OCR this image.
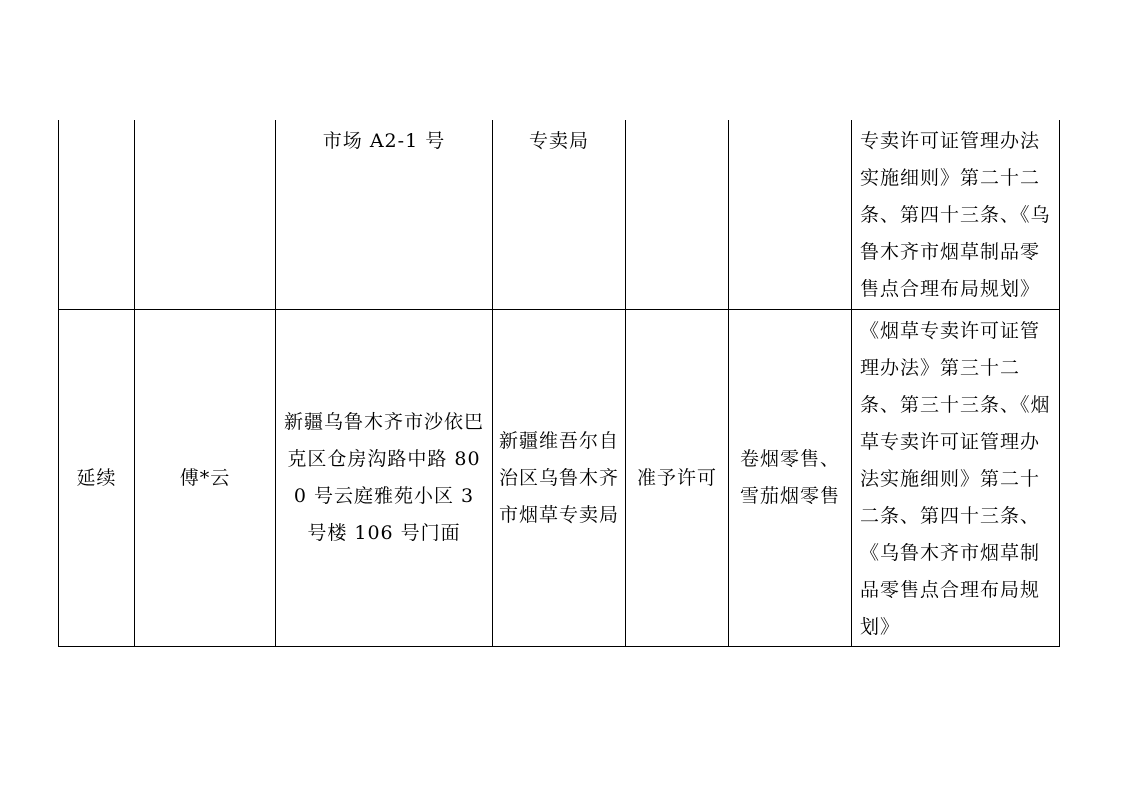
		市场 A2-1 号	专卖局			专卖许可证管理办法实施细则》第二十二条、第四十三条、《乌鲁木齐市烟草制品零售点合理布局规划》
延续	傅*云	新疆乌鲁木齐市沙依巴克区仓房沟路中路 800 号云庭雅苑小区 3 号楼 106 号门面	新疆维吾尔自治区乌鲁木齐市烟草专卖局	准予许可	卷烟零售、雪茄烟零售	《烟草专卖许可证管理办法》第三十二条、第三十三条、《烟草专卖许可证管理办法实施细则》第二十二条、第四十三条、《乌鲁木齐市烟草制品零售点合理布局规划》
